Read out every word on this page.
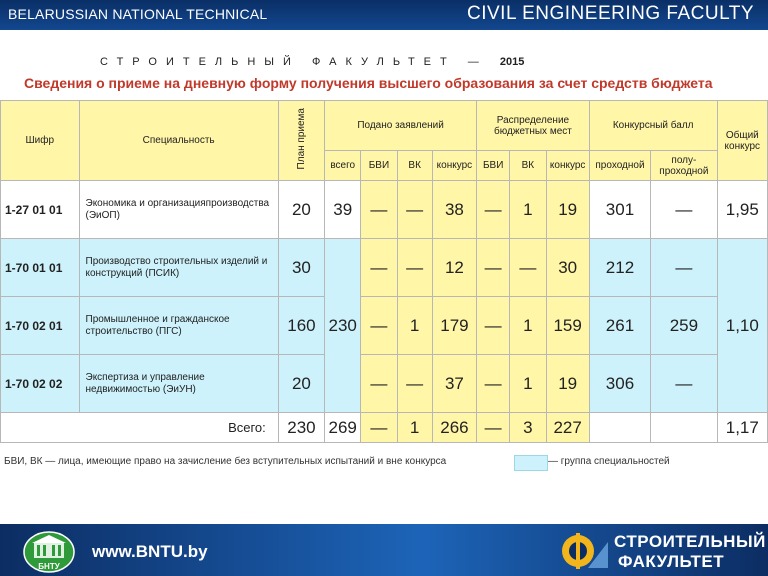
BELARUSSIAN NATIONAL TECHNICAL	CIVIL ENGINEERING FACULTY
СТРОИТЕЛЬНЫЙ ФАКУЛЬТЕТ — 2015
Сведения о приеме на дневную форму получения высшего образования за счет средств бюджета
Шифр	Специальность	План приема	Подано заявлений				Распределение бюджетных мест			Конкурсный балл		Общий конкурс
			всего	БВИ	ВК	конкурс	БВИ	ВК	конкурс	проходной	полу-проходной	
1-27 01 01	Экономика и организацияпроизводства (ЭиОП)	20	39	—	—	38	—	1	19	301	—	1,95
1-70 01 01	Производство строительных изделий и конструкций (ПСИК)	30	230	—	—	12	—	—	30	212	—	1,10
1-70 02 01	Промышленное и гражданское строительство (ПГС)	160		—	1	179	—	1	159	261	259	
1-70 02 02	Экспертиза и управление недвижимостью (ЭиУН)	20		—	—	37	—	1	19	306	—	
Всего:		230	269	—	1	266	—	3	227			1,17
БВИ, ВК — лица, имеющие право на зачисление без вступительных испытаний и вне конкурса	— группа специальностей
БНТУ
www.BNTU.by
СТРОИТЕЛЬНЫЙ
ФАКУЛЬТЕТ
